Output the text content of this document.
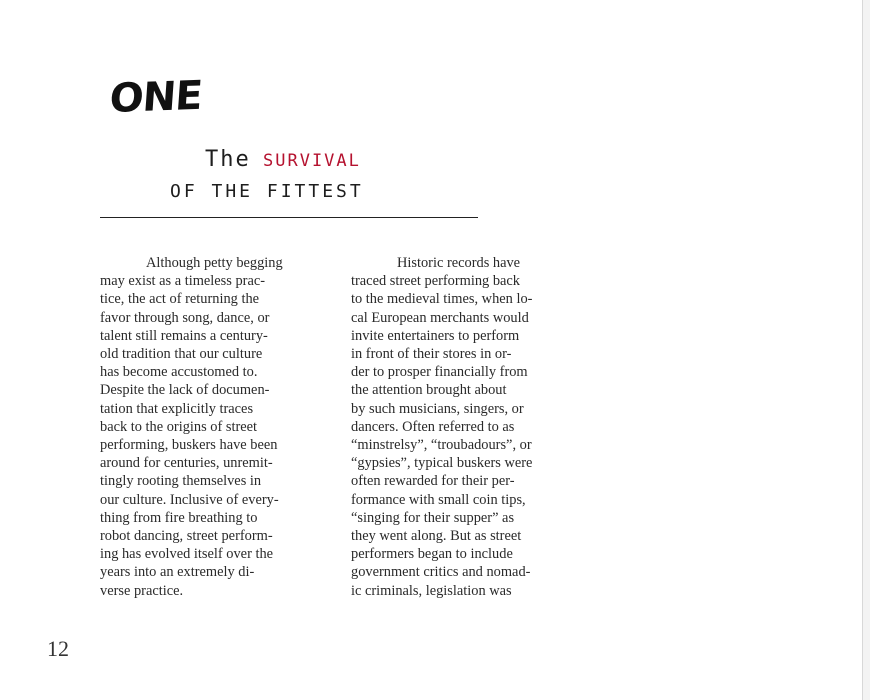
ONE
The SURVIVAL
OF THE FITTEST
Although petty begging
may exist as a timeless prac-
tice, the act of returning the
favor through song, dance, or
talent still remains a century-
old tradition that our culture
has become accustomed to.
Despite the lack of documen-
tation that explicitly traces
back to the origins of street
performing, buskers have been
around for centuries, unremit-
tingly rooting themselves in
our culture. Inclusive of every-
thing from fire breathing to
robot dancing, street perform-
ing has evolved itself over the
years into an extremely di-
verse practice.
Historic records have
traced street performing back
to the medieval times, when lo-
cal European merchants would
invite entertainers to perform
in front of their stores in or-
der to prosper financially from
the attention brought about
by such musicians, singers, or
dancers. Often referred to as
“minstrelsy”, “troubadours”, or
“gypsies”, typical buskers were
often rewarded for their per-
formance with small coin tips,
“singing for their supper” as
they went along. But as street
performers began to include
government critics and nomad-
ic criminals, legislation was
12
